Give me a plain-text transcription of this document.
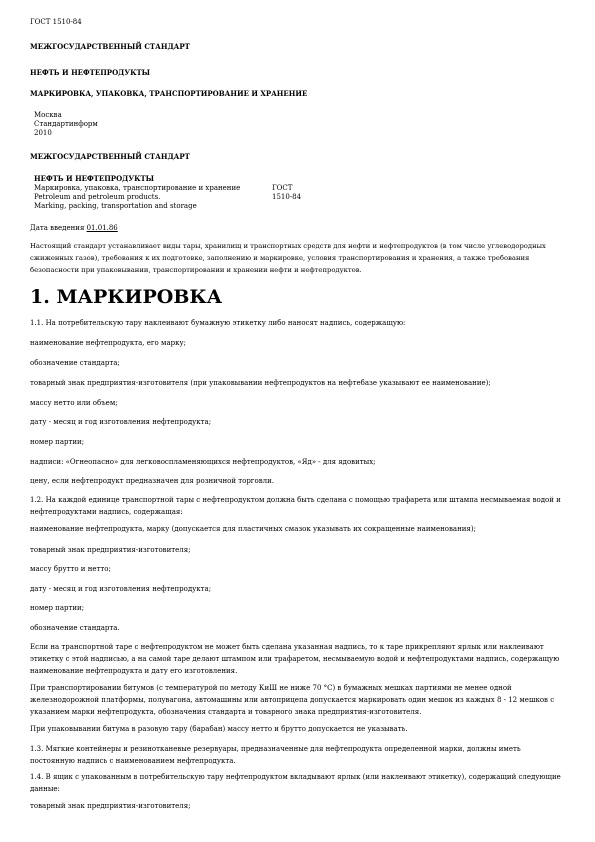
ГОСТ 1510-84

МЕЖГОСУДАРСТВЕННЫЙ СТАНДАРТ

НЕФТЬ И НЕФТЕПРОДУКТЫ

МАРКИРОВКА, УПАКОВКА, ТРАНСПОРТИРОВАНИЕ И ХРАНЕНИЕ

Москва

Стандартинформ

2010

МЕЖГОСУДАРСТВЕННЫЙ СТАНДАРТ

НЕФТЬ И НЕФТЕПРОДУКТЫ

Маркировка, упаковка, транспортирование и хранение

Petroleum and petroleum products.

Marking, packing, transportation and storage

ГОСТ

1510-84

Дата введения 01.01.86

Настоящий стандарт устанавливает виды тары, хранилищ и транспортных средств для нефти и нефтепродуктов (в том числе углеводородных сжиженных газов), требования к их подготовке, заполнению и маркировке, условия транспортирования и хранения, а также требования безопасности при упаковывании, транспортировании и хранении нефти и нефтепродуктов.

1. МАРКИРОВКА

1.1. На потребительскую тару наклеивают бумажную этикетку либо наносят надпись, содержащую:

наименование нефтепродукта, его марку;

обозначение стандарта;

товарный знак предприятия-изготовителя (при упаковывании нефтепродуктов на нефтебазе указывают ее наименование);

массу нетто или объем;

дату - месяц и год изготовления нефтепродукта;

номер партии;

надписи: «Огнеопасно» для легковоспламеняющихся нефтепродуктов, «Яд» - для ядовитых;

цену, если нефтепродукт предназначен для розничной торговли.

1.2. На каждой единице транспортной тары с нефтепродуктом должна быть сделана с помощью трафарета или штампа несмываемая водой и нефтепродуктами надпись, содержащая:

наименование нефтепродукта, марку (допускается для пластичных смазок указывать их сокращенные наименования);

товарный знак предприятия-изготовителя;

массу брутто и нетто;

дату - месяц и год изготовления нефтепродукта;

номер партии;

обозначение стандарта.

Если на транспортной таре с нефтепродуктом не может быть сделана указанная надпись, то к таре прикрепляют ярлык или наклеивают этикетку с этой надписью, а на самой таре делают штампом или трафаретом, несмываемую водой и нефтепродуктами надпись, содержащую наименование нефтепродукта и дату его изготовления.

При транспортировании битумов (с температурой по методу КиШ не ниже 70 °С) в бумажных мешках партиями не менее одной железнодорожной платформы, полувагона, автомашины или автоприцепа допускается маркировать один мешок из каждых 8 - 12 мешков с указанием марки нефтепродукта, обозначения стандарта и товарного знака предприятия-изготовителя.

При упаковывании битума в разовую тару (барабан) массу нетто и брутто допускается не указывать.

1.3. Мягкие контейнеры и резинотканевые резервуары, предназначенные для нефтепродукта определенной марки, должны иметь постоянную надпись с наименованием нефтепродукта.

1.4. В ящик с упакованным в потребительскую тару нефтепродуктом вкладывают ярлык (или наклеивают этикетку), содержащий следующие данные:

товарный знак предприятия-изготовителя;
